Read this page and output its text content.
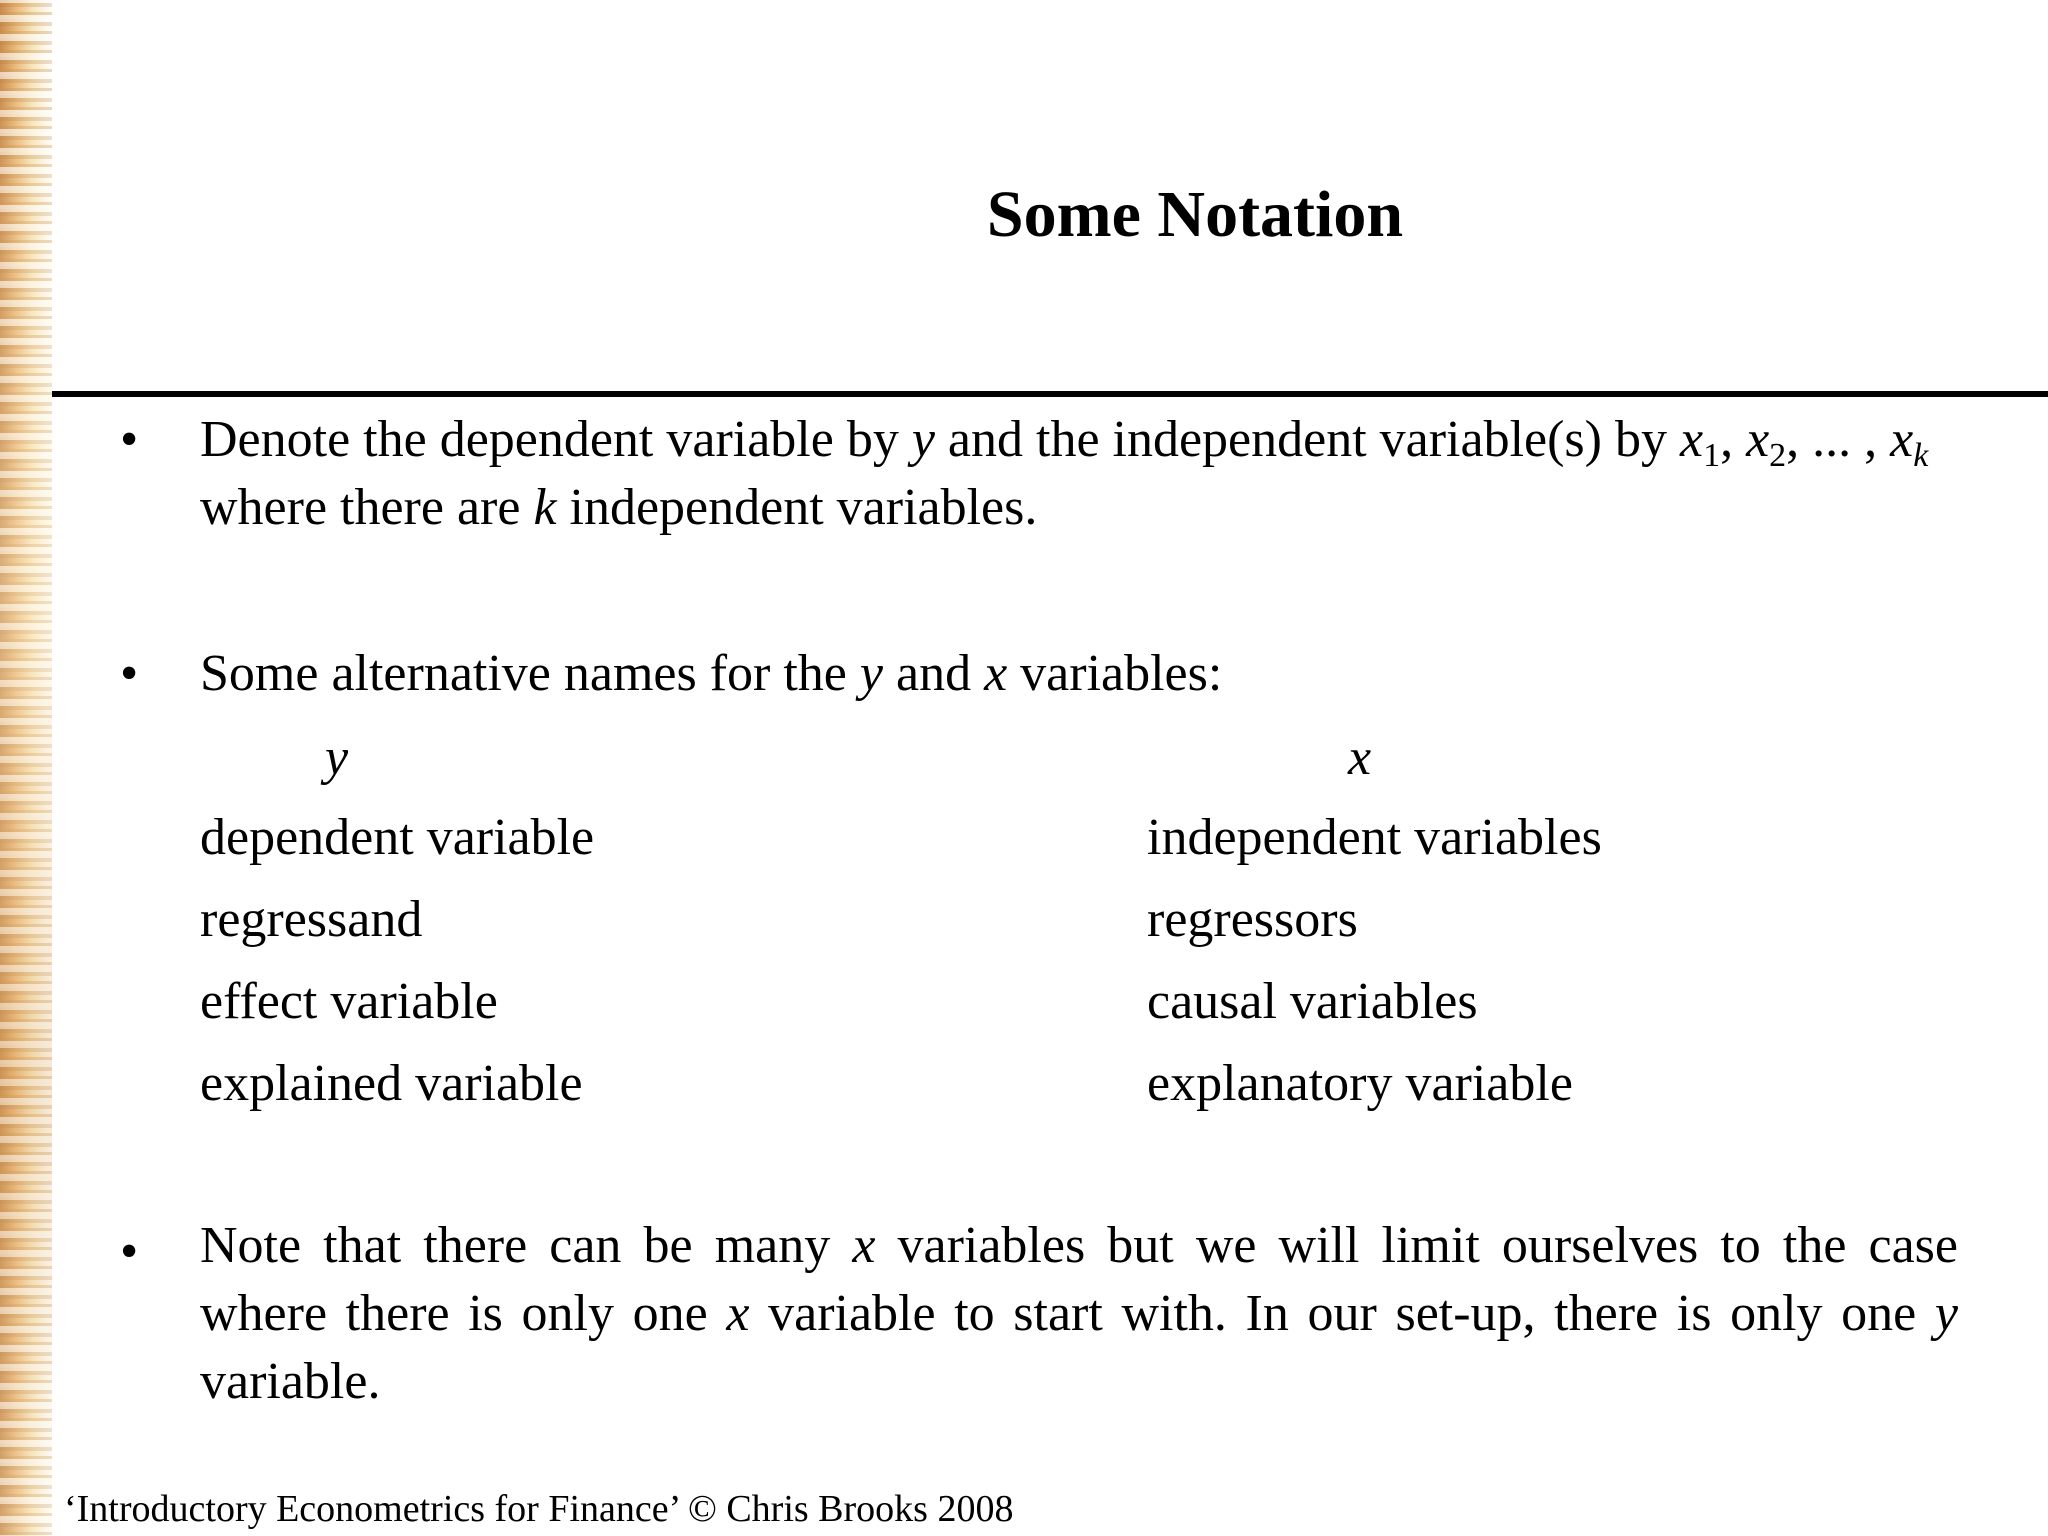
Some Notation
• Denote the dependent variable by y and the independent variable(s) by $x_1$, $x_2$, ... , $x_k$ where there are k independent variables.
• Some alternative names for the y and x variables:
y	x
dependent variable
regressand
effect variable
explained variable
independent variables
regressors
causal variables
explanatory variable
• Note that there can be many x variables but we will limit ourselves to the case where there is only one x variable to start with. In our set-up, there is only one y variable.
‘Introductory Econometrics for Finance’ © Chris Brooks 2008
